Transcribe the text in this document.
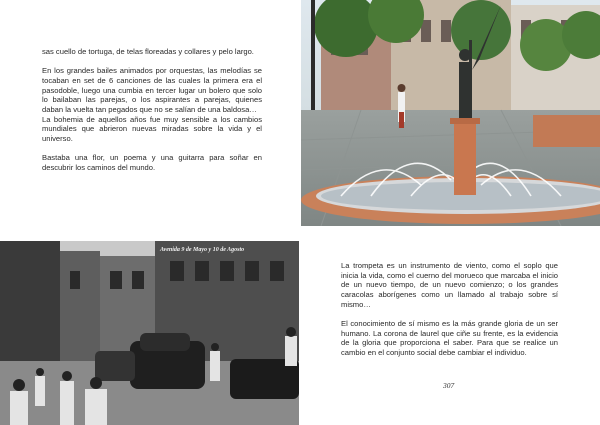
sas cuello de tortuga, de telas floreadas y collares y pelo largo.

En los grandes bailes animados por orquestas, las melodías se tocaban en set de 6 canciones de las cuales la primera era el pasodoble, luego una cumbia en tercer lugar un bolero que solo lo bailaban las parejas, o los aspirantes a parejas, quienes daban la vuelta tan pegados que no se salían de una baldosa…

La bohemia de aquellos años fue muy sensible a los cambios mundiales que abrieron nuevas miradas sobre la vida y el universo.

Bastaba una flor, un poema y una guitarra para soñar en descubrir los caminos del mundo.

Avenida 9 de Mayo y 10 de Agosto

La trompeta es un instrumento de viento, como el soplo que inicia la vida, como el cuerno del morueco que marcaba el inicio de un nuevo tiempo, de un nuevo comienzo; o los grandes caracolas aborígenes como un llamado al trabajo sobre sí mismo…

El conocimiento de sí mismo es la más grande gloria de un ser humano. La corona de laurel que ciñe su frente, es la evidencia de la gloria que proporciona el saber. Para que se realice un cambio en el conjunto social debe cambiar el individuo.

307
